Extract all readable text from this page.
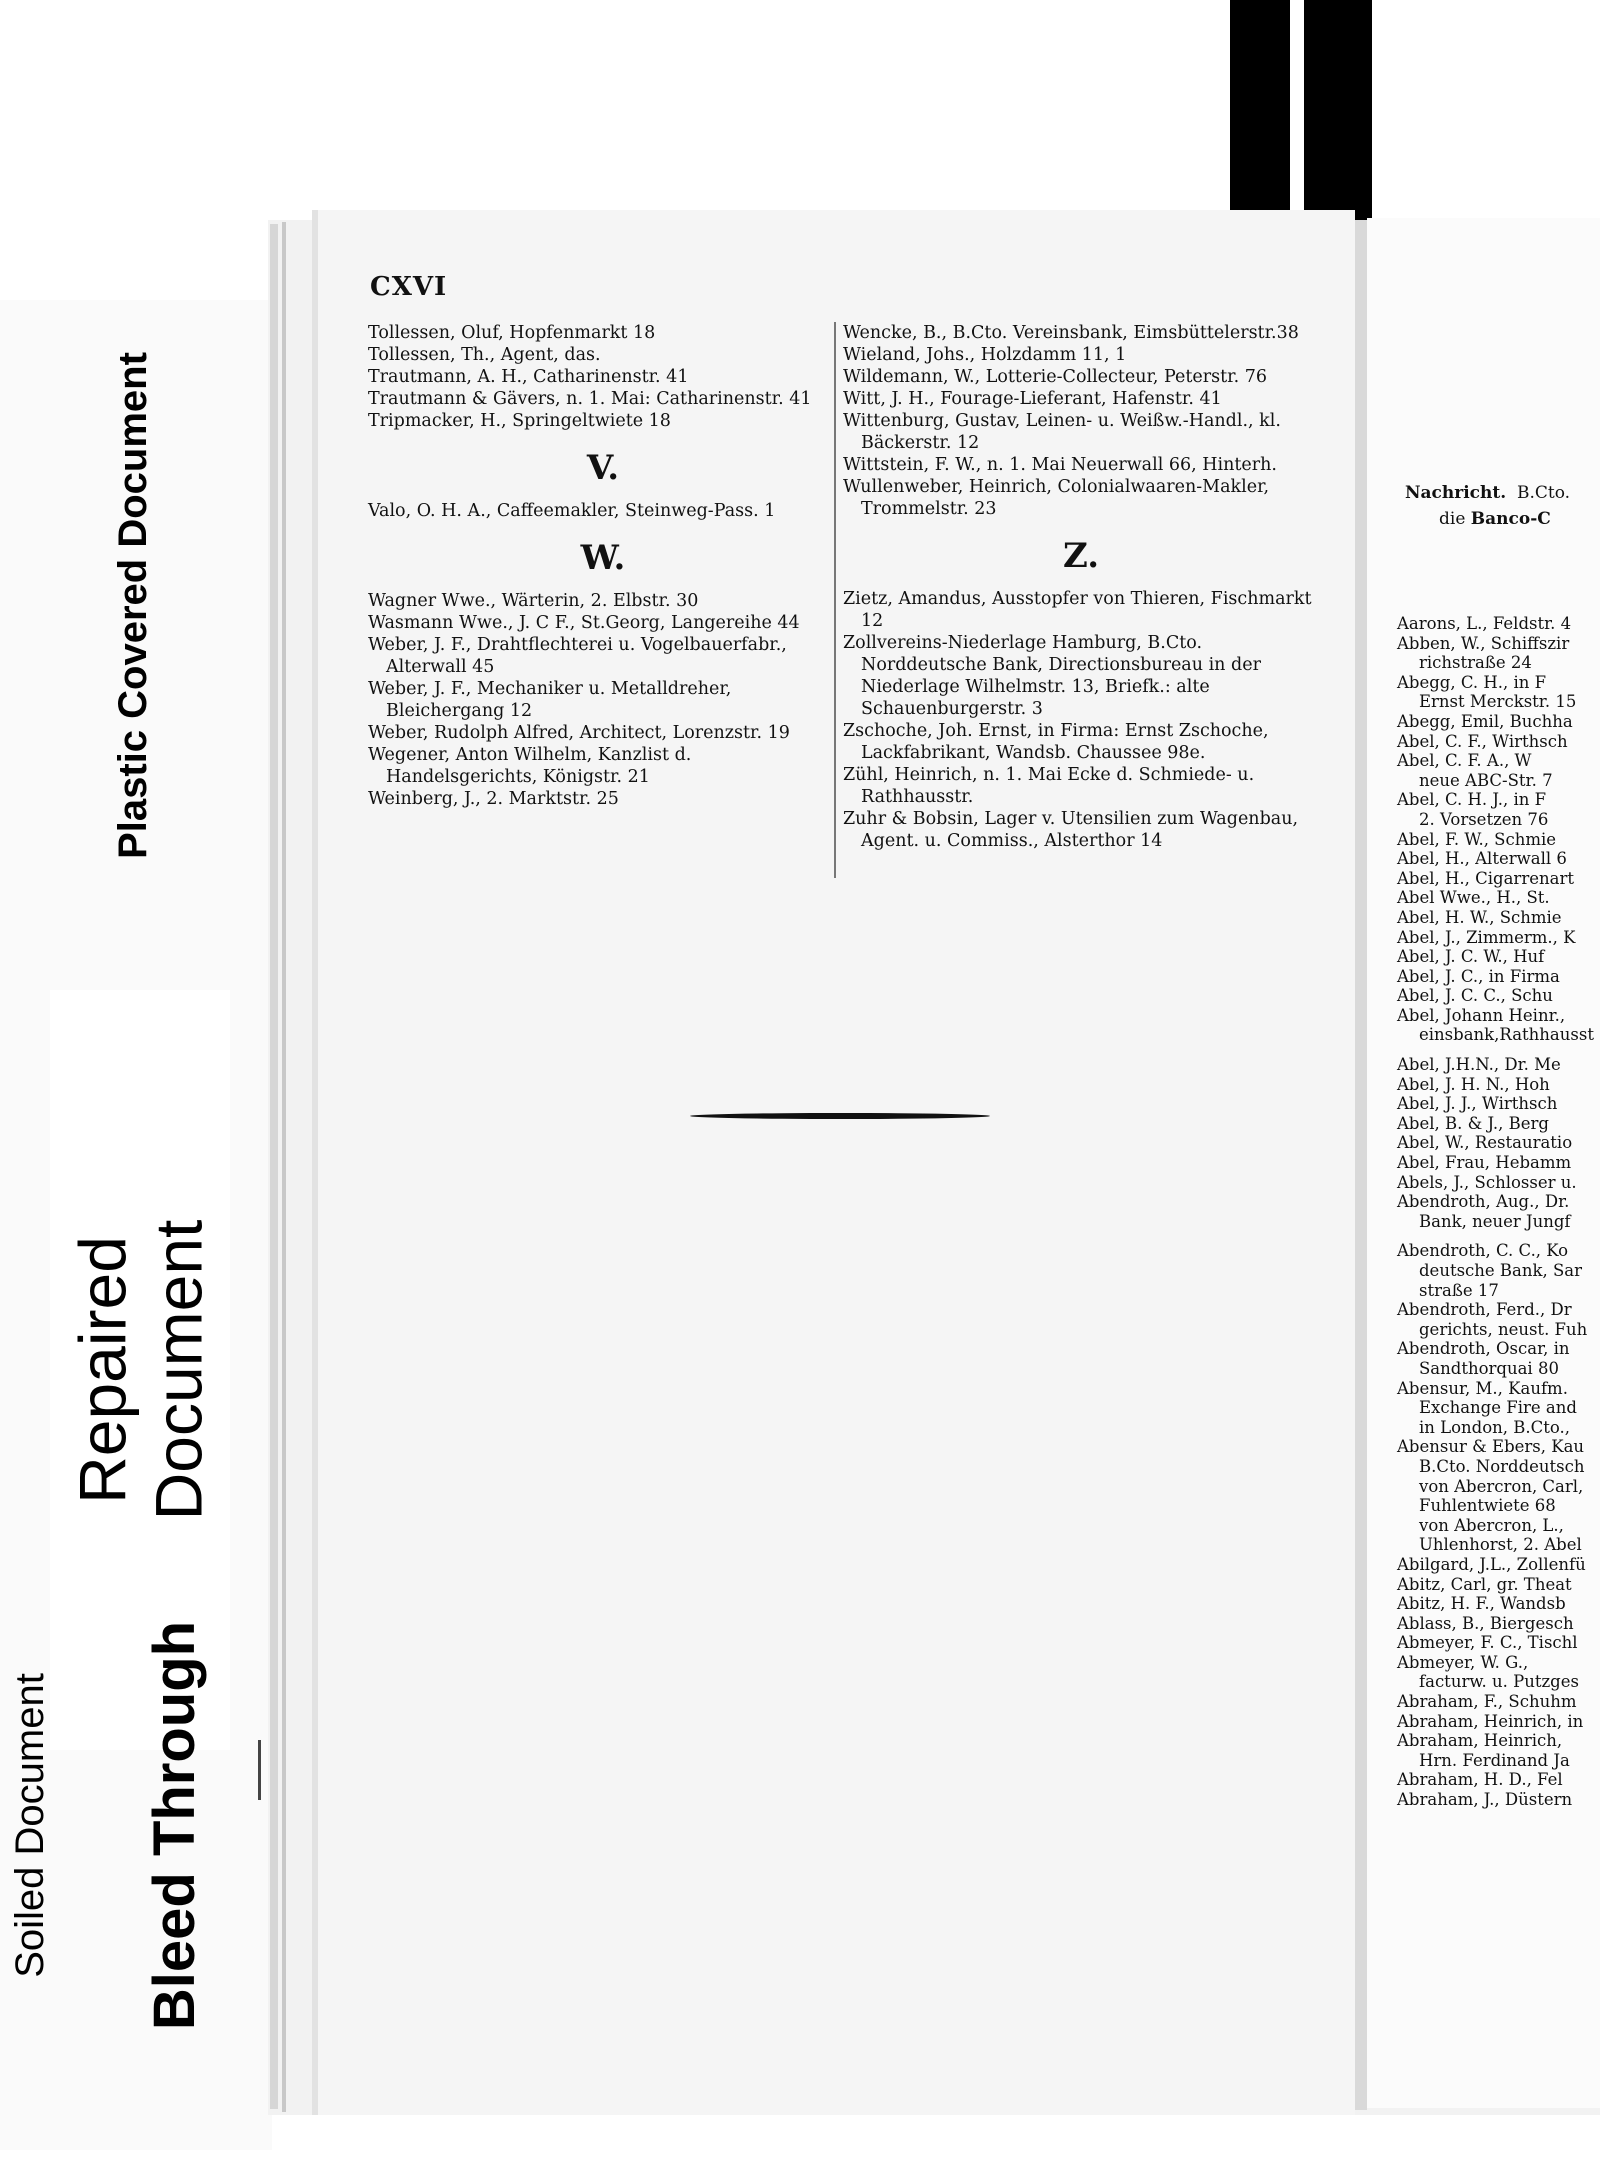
Plastic Covered Document
Repaired Document
Bleed Through
Soiled Document
CXVI

Tollessen, Oluf, Hopfenmarkt 18

Tollessen, Th., Agent, das.

Trautmann, A. H., Catharinenstr. 41

Trautmann & Gävers, n. 1. Mai: Catharinenstr. 41

Tripmacker, H., Springeltwiete 18

V.

Valo, O. H. A., Caffeemakler, Steinweg-Pass. 1

W.

Wagner Wwe., Wärterin, 2. Elbstr. 30

Wasmann Wwe., J. C F., St.Georg, Langereihe 44

Weber, J. F., Drahtflechterei u. Vogelbauerfabr., Alterwall 45

Weber, J. F., Mechaniker u. Metalldreher, Bleichergang 12

Weber, Rudolph Alfred, Architect, Lorenzstr. 19

Wegener, Anton Wilhelm, Kanzlist d. Handelsgerichts, Königstr. 21

Weinberg, J., 2. Marktstr. 25

Wencke, B., B.Cto. Vereinsbank, Eimsbüttelerstr.38

Wieland, Johs., Holzdamm 11, 1

Wildemann, W., Lotterie-Collecteur, Peterstr. 76

Witt, J. H., Fourage-Lieferant, Hafenstr. 41

Wittenburg, Gustav, Leinen- u. Weißw.-Handl., kl. Bäckerstr. 12

Wittstein, F. W., n. 1. Mai Neuerwall 66, Hinterh.

Wullenweber, Heinrich, Colonialwaaren-Makler, Trommelstr. 23

Z.

Zietz, Amandus, Ausstopfer von Thieren, Fischmarkt 12

Zollvereins-Niederlage Hamburg, B.Cto. Norddeutsche Bank, Directionsbureau in der Niederlage Wilhelmstr. 13, Briefk.: alte Schauenburgerstr. 3

Zschoche, Joh. Ernst, in Firma: Ernst Zschoche, Lackfabrikant, Wandsb. Chaussee 98e.

Zühl, Heinrich, n. 1. Mai Ecke d. Schmiede- u. Rathhausstr.

Zuhr & Bobsin, Lager v. Utensilien zum Wagenbau, Agent. u. Commiss., Alsterthor 14

Nachricht. B.Cto.
die Banco-C

Aarons, L., Feldstr. 4

Abben, W., Schiffszir

richstraße 24

Abegg, C. H., in F

Ernst Merckstr. 15

Abegg, Emil, Buchha

Abel, C. F., Wirthsch

Abel, C. F. A., W

neue ABC-Str. 7

Abel, C. H. J., in F

2. Vorsetzen 76

Abel, F. W., Schmie

Abel, H., Alterwall 6

Abel, H., Cigarrenart

Abel Wwe., H., St.

Abel, H. W., Schmie

Abel, J., Zimmerm., K

Abel, J. C. W., Huf

Abel, J. C., in Firma

Abel, J. C. C., Schu

Abel, Johann Heinr.,

einsbank,Rathhausst

Abel, J.H.N., Dr. Me

Abel, J. H. N., Hoh

Abel, J. J., Wirthsch

Abel, B. & J., Berg

Abel, W., Restauratio

Abel, Frau, Hebamm

Abels, J., Schlosser u.

Abendroth, Aug., Dr.

Bank, neuer Jungf

Abendroth, C. C., Ko

deutsche Bank, Sar

straße 17

Abendroth, Ferd., Dr

gerichts, neust. Fuh

Abendroth, Oscar, in

Sandthorquai 80

Abensur, M., Kaufm.

Exchange Fire and

in London, B.Cto.,

Abensur & Ebers, Kau

B.Cto. Norddeutsch

von Abercron, Carl,

Fuhlentwiete 68

von Abercron, L.,

Uhlenhorst, 2. Abel

Abilgard, J.L., Zollenfü

Abitz, Carl, gr. Theat

Abitz, H. F., Wandsb

Ablass, B., Biergesch

Abmeyer, F. C., Tischl

Abmeyer, W. G.,

facturw. u. Putzges

Abraham, F., Schuhm

Abraham, Heinrich, in

Abraham, Heinrich,

Hrn. Ferdinand Ja

Abraham, H. D., Fel

Abraham, J., Düstern
